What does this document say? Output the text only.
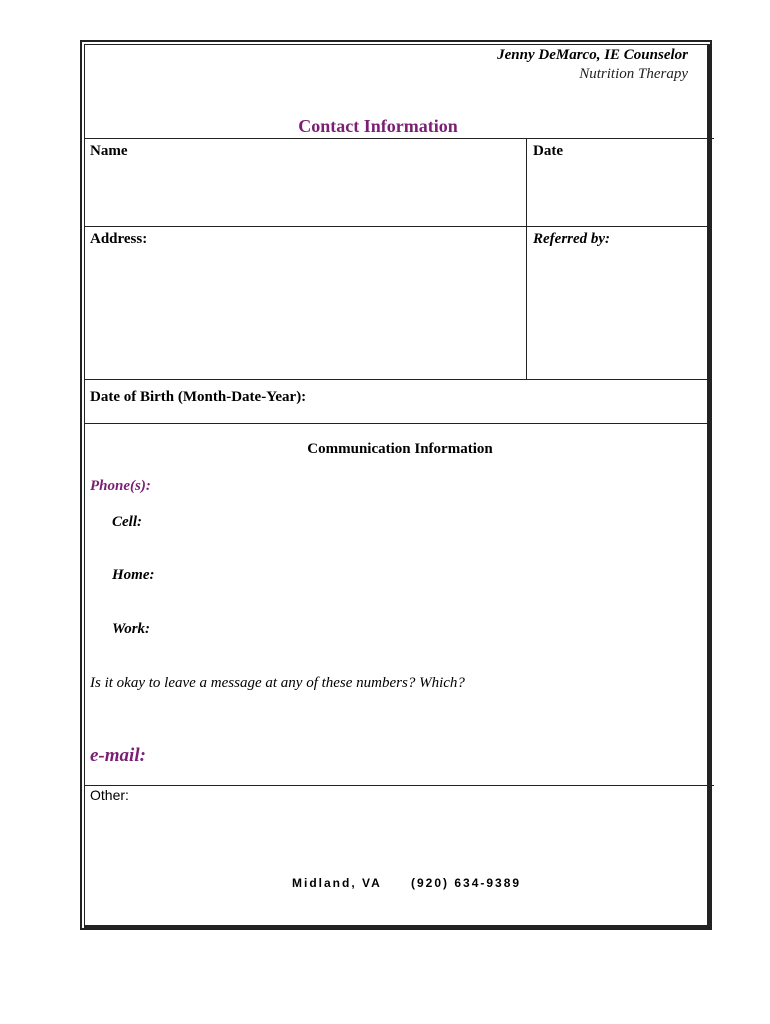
Jenny DeMarco, IE Counselor
Nutrition Therapy
Contact Information
Name	Date
Address:	Referred by:
Date of Birth (Month-Date-Year):
Communication Information
Phone(s):
Cell:
Home:
Work:
Is it okay to leave a message at any of these numbers? Which?
e-mail:
Other:
Midland, VA (920) 634-9389
